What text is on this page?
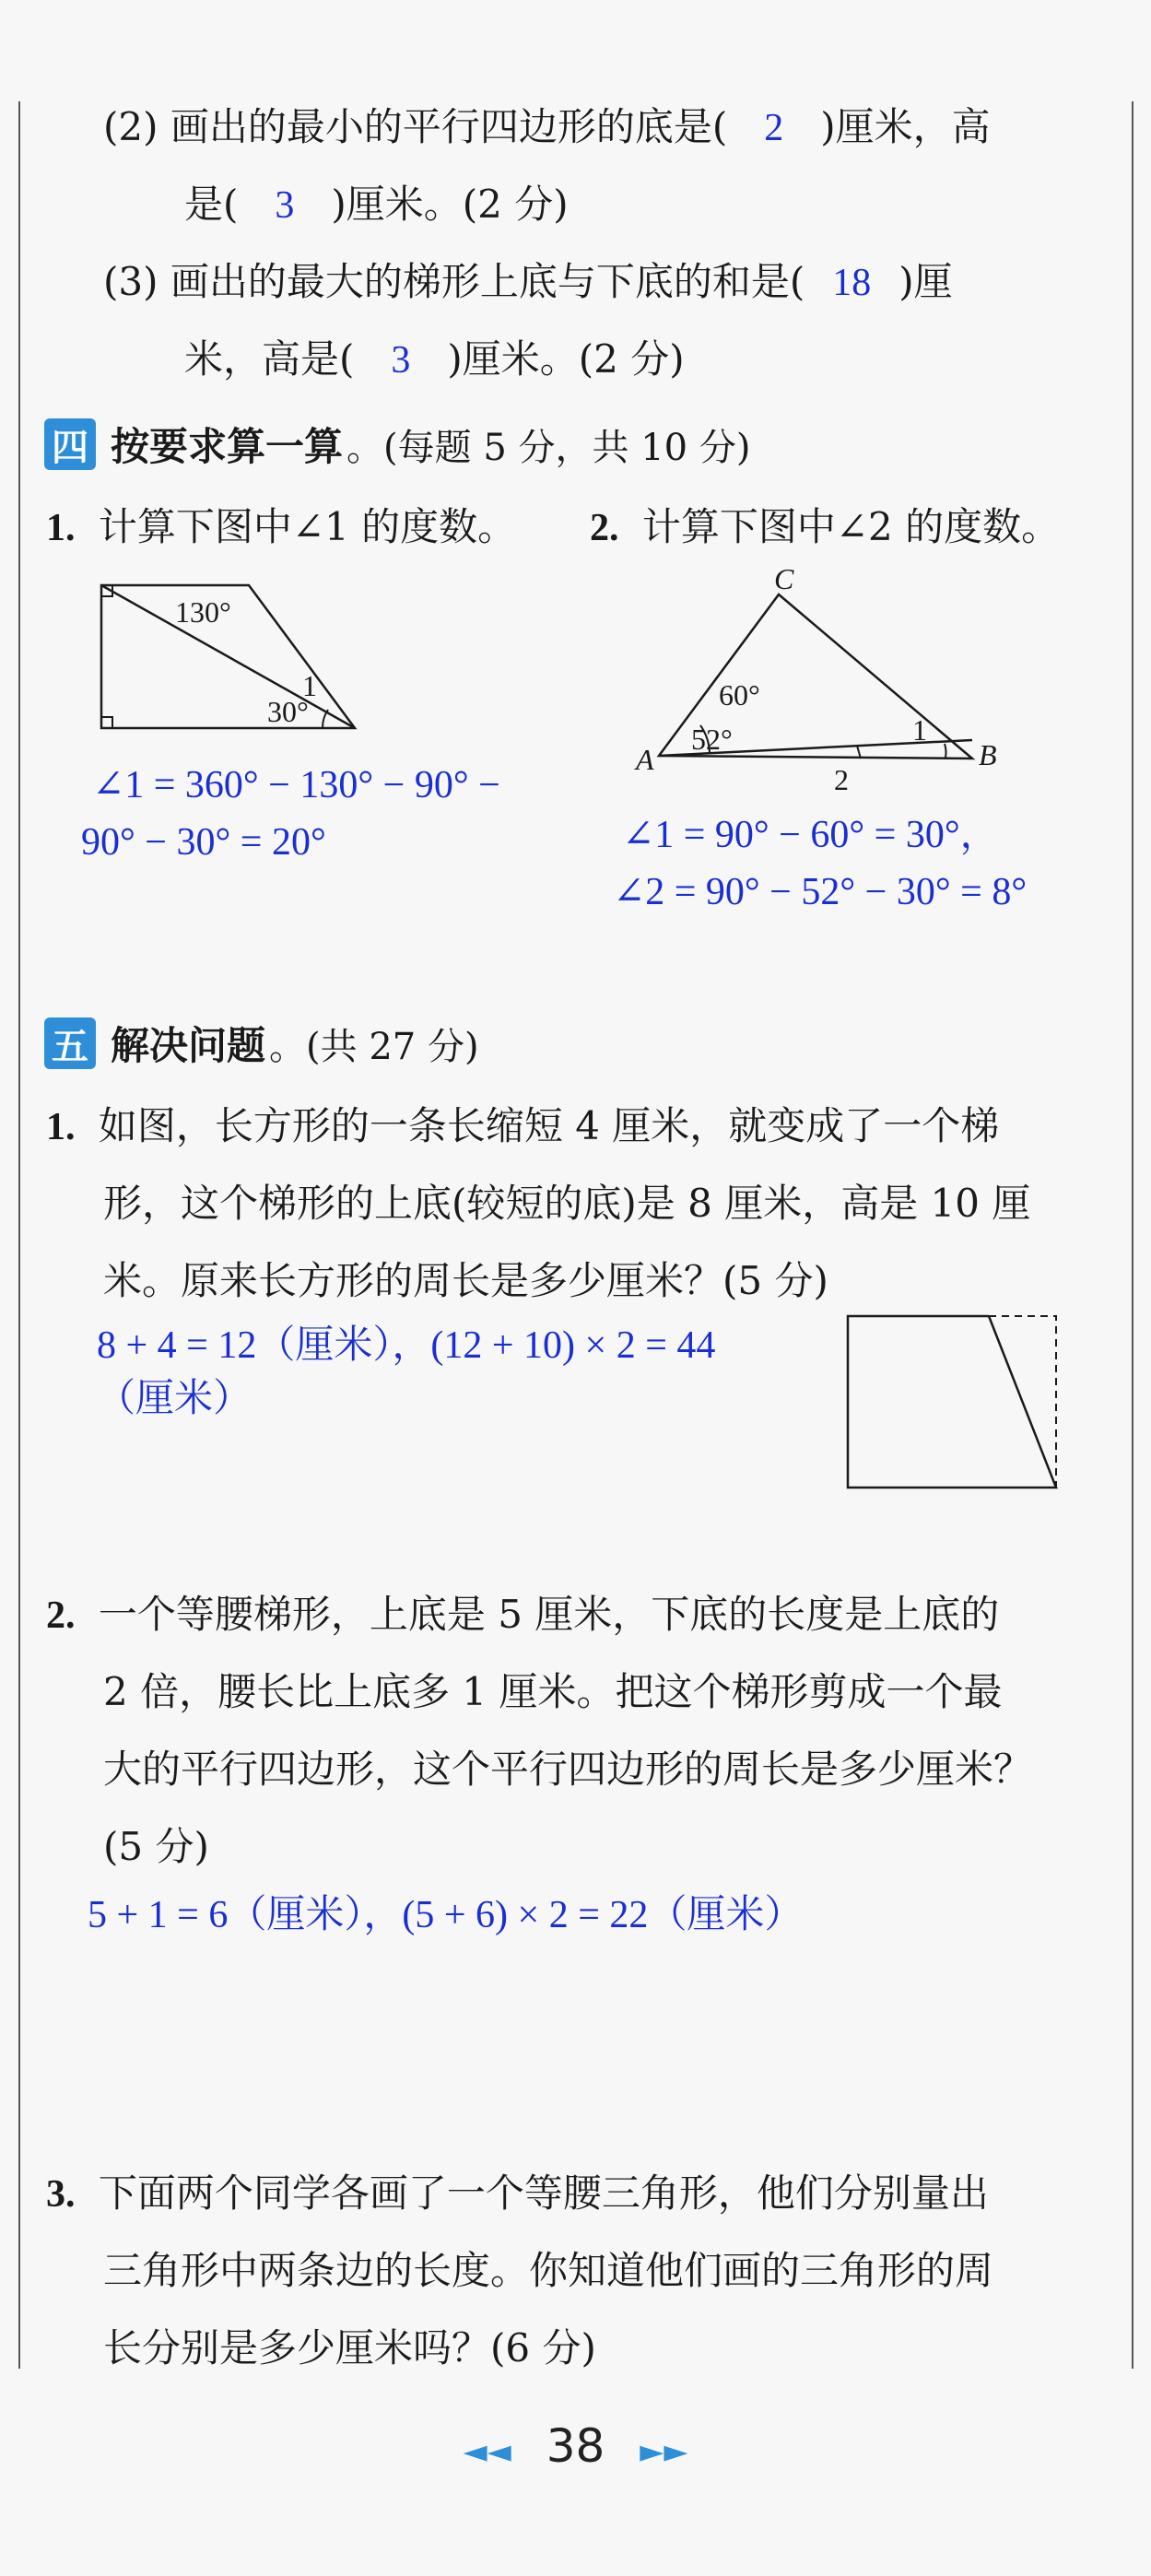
(2) 画出的最小的平行四边形的底是( 2 )厘米，高
是( 3 )厘米。(2 分)
(3) 画出的最大的梯形上底与下底的和是( 18 )厘
米，高是( 3 )厘米。(2 分)
四 按要求算一算 。(每题 5 分，共 10 分)
1. 计算下图中∠1 的度数。 2. 计算下图中∠2 的度数。
130°
1
30°
C
A	B
60°
52°	1
2
∠1 = 360° − 130° − 90° −
90° − 30° = 20°	∠1 = 90° − 60° = 30°，
∠2 = 90° − 52° − 30° = 8°
五 解决问题 。(共 27 分)
1. 如图，长方形的一条长缩短 4 厘米，就变成了一个梯
形，这个梯形的上底(较短的底)是 8 厘米，高是 10 厘
米。原来长方形的周长是多少厘米？(5 分)
8 + 4 = 12（厘米），(12 + 10) × 2 = 44
（厘米）
2. 一个等腰梯形，上底是 5 厘米，下底的长度是上底的
2 倍，腰长比上底多 1 厘米。把这个梯形剪成一个最
大的平行四边形，这个平行四边形的周长是多少厘米？
(5 分)
5 + 1 = 6（厘米），(5 + 6) × 2 = 22（厘米）
3. 下面两个同学各画了一个等腰三角形，他们分别量出
三角形中两条边的长度。你知道他们画的三角形的周
长分别是多少厘米吗？(6 分)
◄◄ 38 ►►
